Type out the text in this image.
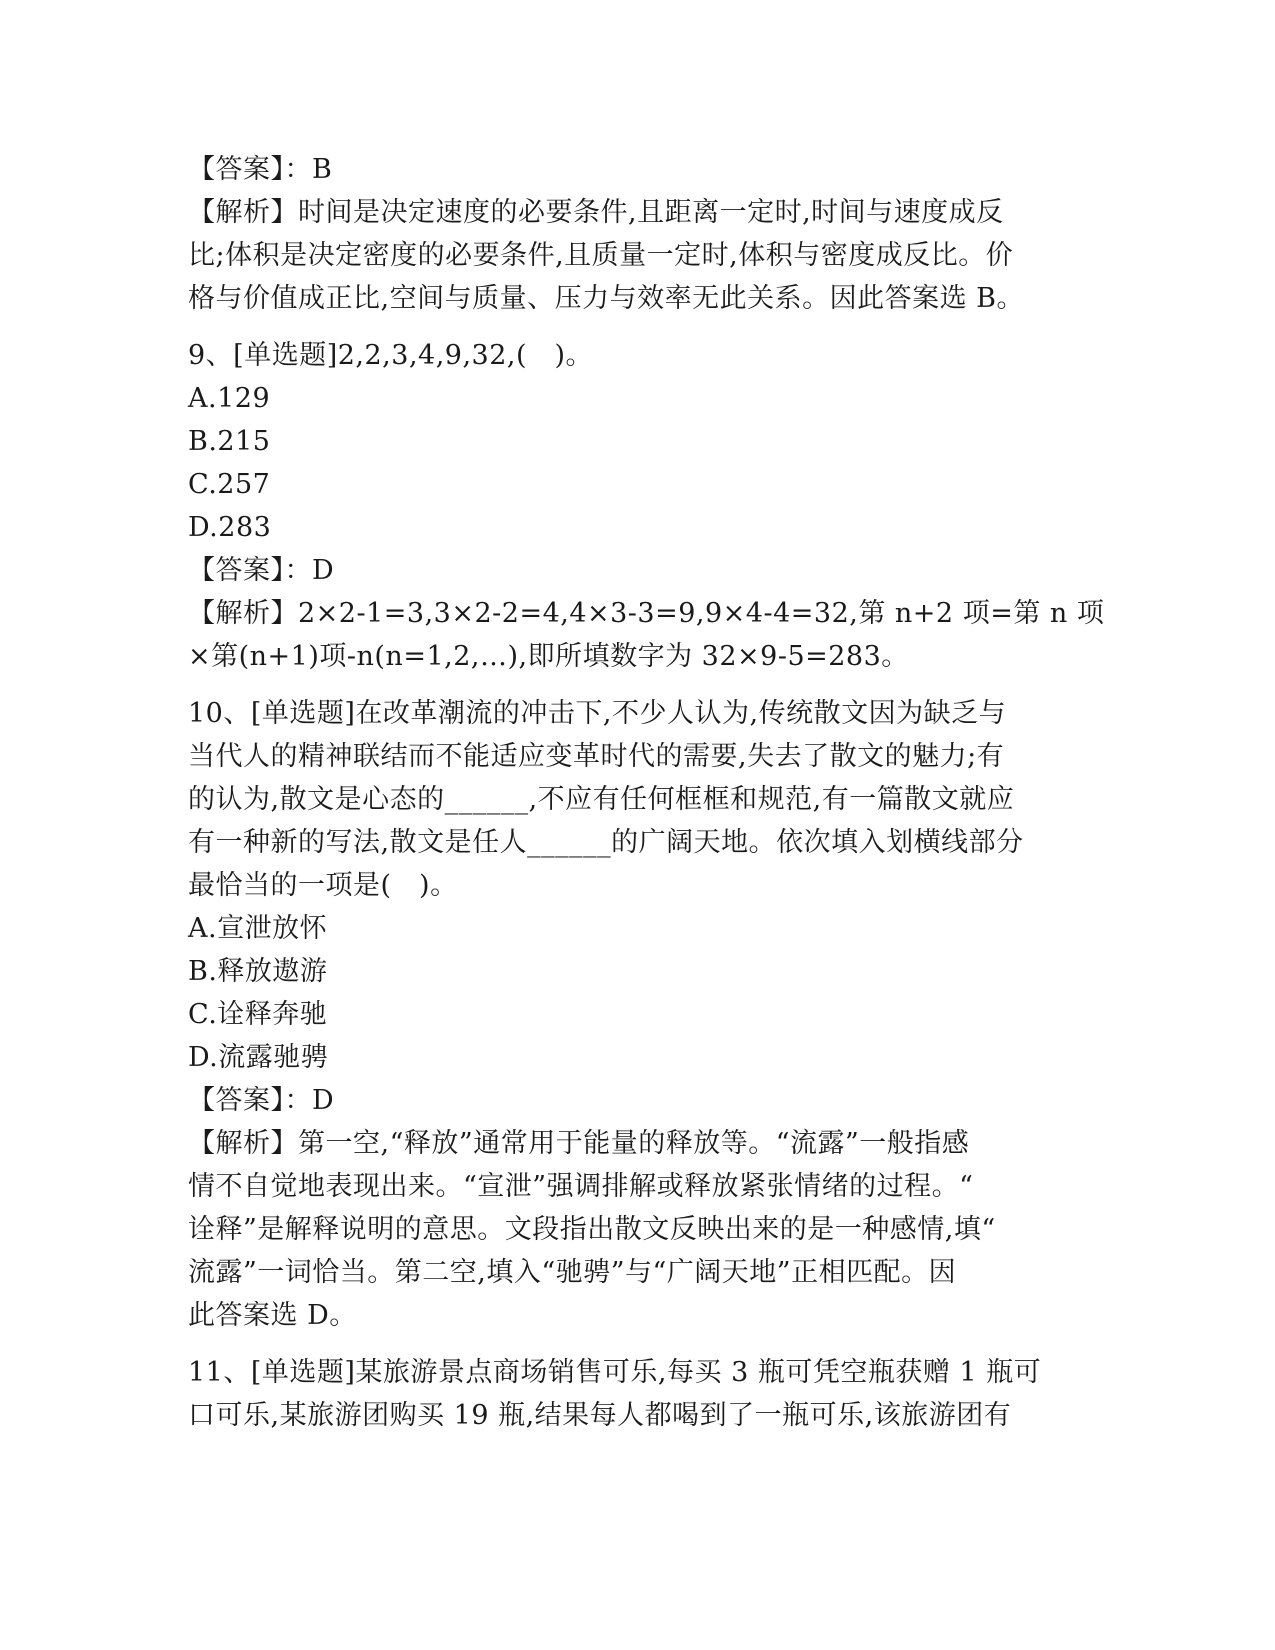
【答案】：B
【解析】时间是决定速度的必要条件,且距离一定时,时间与速度成反
比;体积是决定密度的必要条件,且质量一定时,体积与密度成反比。价
格与价值成正比,空间与质量、压力与效率无此关系。因此答案选 B。
9、[单选题]2,2,3,4,9,32,(　)。
A.129
B.215
C.257
D.283
【答案】：D
【解析】2×2-1=3,3×2-2=4,4×3-3=9,9×4-4=32,第 n+2 项=第 n 项
×第(n+1)项-n(n=1,2,…),即所填数字为 32×9-5=283。
10、[单选题]在改革潮流的冲击下,不少人认为,传统散文因为缺乏与
当代人的精神联结而不能适应变革时代的需要,失去了散文的魅力;有
的认为,散文是心态的______,不应有任何框框和规范,有一篇散文就应
有一种新的写法,散文是任人______的广阔天地。依次填入划横线部分
最恰当的一项是(　)。
A.宣泄放怀
B.释放遨游
C.诠释奔驰
D.流露驰骋
【答案】：D
【解析】第一空,“释放”通常用于能量的释放等。“流露”一般指感
情不自觉地表现出来。“宣泄”强调排解或释放紧张情绪的过程。“
诠释”是解释说明的意思。文段指出散文反映出来的是一种感情,填“
流露”一词恰当。第二空,填入“驰骋”与“广阔天地”正相匹配。因
此答案选 D。
11、[单选题]某旅游景点商场销售可乐,每买 3 瓶可凭空瓶获赠 1 瓶可
口可乐,某旅游团购买 19 瓶,结果每人都喝到了一瓶可乐,该旅游团有
